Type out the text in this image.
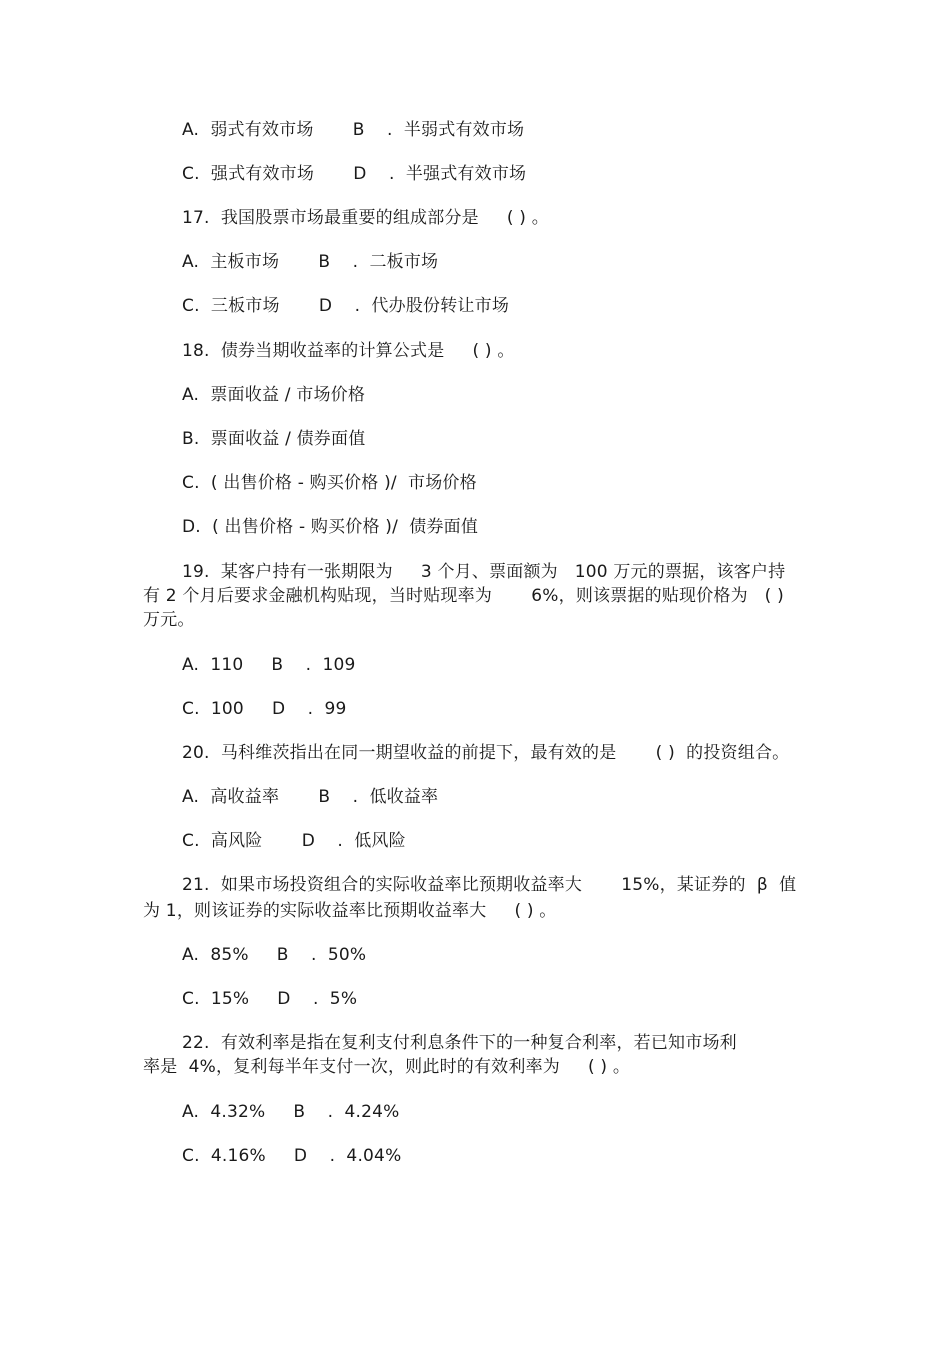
A.  弱式有效市场       B    .  半弱式有效市场
C.  强式有效市场       D    .  半强式有效市场
17.  我国股票市场最重要的组成部分是     ( ) 。
A.  主板市场       B    .  二板市场
C.  三板市场       D    .  代办股份转让市场
18.  债券当期收益率的计算公式是     ( ) 。
A.  票面收益 / 市场价格
B.  票面收益 / 债券面值
C.  ( 出售价格 - 购买价格 )/  市场价格
D.  ( 出售价格 - 购买价格 )/  债券面值
19.  某客户持有一张期限为     3 个月、票面额为   100 万元的票据，该客户持
有 2 个月后要求金融机构贴现，当时贴现率为       6%，则该票据的贴现价格为   ( )
万元。
A.  110     B    .  109
C.  100     D    .  99
20.  马科维茨指出在同一期望收益的前提下，最有效的是       ( )  的投资组合。
A.  高收益率       B    .  低收益率
C.  高风险       D    .  低风险
21.  如果市场投资组合的实际收益率比预期收益率大       15%，某证券的  β  值
为 1，则该证券的实际收益率比预期收益率大     ( ) 。
A.  85%     B    .  50%
C.  15%     D    .  5%
22.  有效利率是指在复利支付利息条件下的一种复合利率，若已知市场利
率是  4%，复利每半年支付一次，则此时的有效利率为     ( ) 。
A.  4.32%     B    .  4.24%
C.  4.16%     D    .  4.04%
